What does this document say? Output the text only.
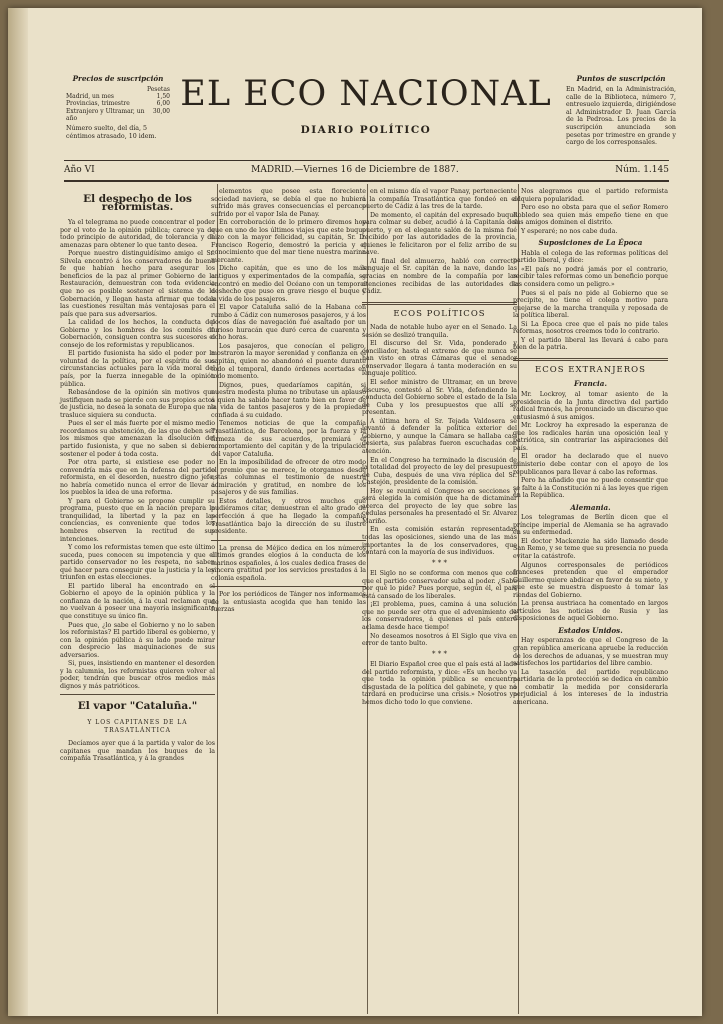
Precios de suscripción
Pesetas
Madrid, un mes	1,50
Provincias, trimestre	6,00
Extranjero y Ultramar, un año
30,00
Número suelto, del día, 5 céntimos atrasado, 10 idem.
EL ECO NACIONAL
DIARIO POLÍTICO
Puntos de suscripción
En Madrid, en la Administración, calle de la Biblioteca, número 7, entresuelo izquierda, dirigiéndose al Administrador D. Juan García de la Pedrosa. Los precios de la suscripción anunciada son pesetas por trimestre en grande y cargo de los corresponsales.
Año VI	MADRID.—Viernes 16 de Diciembre de 1887.	Núm. 1.145
El despecho de los reformistas.

Ya el telegrama no puede concentrar el poder por el voto de la opinión pública; carece ya de todo principio de autoridad, de tolerancia y de amenazas para obtener lo que tanto desea.

Porque nuestro distinguidísimo amigo el Sr. Silvela encontró á los conservadores de buena fe que habían hecho para asegurar los beneficios de la paz al primer Gobierno de la Restauración, demuestran con toda evidencia que no es posible sostener el sistema de la Gobernación, y llegan hasta afirmar que todas las cuestiones resultan más ventajosas para el país que para sus adversarios.

La calidad de los hechos, la conducta del Gobierno y los hombres de los comités de Gobernación, consiguen contra sus sucesores el consejo de los reformistas y republicanos.

El partido fusionista ha sido el poder por la voluntad de la política, por el espíritu de sus circunstancias actuales para la vida moral del país, por la fuerza innegable de la opinión pública.

Rebasándose de la opinión sin motivos que justifiquen nada se pierde con sus propios actos de justicia, no desea la sonata de Europa que no trasluce siquiera su conducta.

Pues el ser el más fuerte por el mismo medio recordamos su abstención, de las que deben ser los mismos que amenazan la disolución del partido fusionista, y que no saben si debiera sostener el poder á toda costa.

Por otra parte, si existiese ese poder no convendría más que en la defensa del partido reformista, en el desorden, nuestro digno jefe, no habría cometido nunca el error de llevar á los pueblos la idea de una reforma.

Y para el Gobierno se propone cumplir su programa, puesto que en la nación prepara la tranquilidad, la libertad y la paz en las conciencias, es conveniente que todos los hombres observen la rectitud de sus intenciones.

Y como los reformistas temen que este último suceda, pues conocen su impotencia y que el partido conservador no les respeta, no saben qué hacer para conseguir que la justicia y la ley triunfen en estas elecciones.

El partido liberal ha encontrado en el Gobierno el apoyo de la opinión pública y la confianza de la nación, á la cual reclaman que no vuelvan á poseer una mayoría insignificante que constituye su único fin.

Pues que, ¿lo sabe el Gobierno y no lo saben los reformistas? El partido liberal es gobierno, y con la opinión pública á su lado puede mirar con desprecio las maquinaciones de sus adversarios.

Si, pues, insistiendo en mantener el desorden y la calumnia, los reformistas quieren volver al poder, tendrán que buscar otros medios más dignos y más patrióticos.

El vapor "Cataluña."
Y LOS CAPITANES DE LA TRASATLÁNTICA

Decíamos ayer que á la partida y valor de los capitanes que mandan los buques de la compañía Trasatlántica, y á la grandes

elementos que posee esta floreciente sociedad naviera, se debía el que no hubiera sufrido más graves consecuencias el percance sufrido por el vapor Isla de Panay.

En corroboración de lo primero diremos hoy que en uno de los últimos viajes que este buque hizo con la mayor felicidad, su capitán, Sr. D. Francisco Rogerio, demostró la pericia y el conocimiento que del mar tiene nuestra marina mercante.

Dicho capitán, que es uno de los más antiguos y experimentados de la compañía, se encontró en medio del Océano con un temporal deshecho que puso en grave riesgo el buque y la vida de los pasajeros.

El vapor Cataluña salió de la Habana con rumbo á Cádiz con numerosos pasajeros, y á los pocos días de navegación fué asaltado por un furioso huracán que duró cerca de cuarenta y ocho horas.

Los pasajeros, que conocían el peligro, mostraron la mayor serenidad y confianza en el capitán, quien no abandonó el puente durante todo el temporal, dando órdenes acertadas en todo momento.

Dignos, pues, quedaríamos capitán, si nuestra modesta pluma no tributase un aplauso á quien ha sabido hacer tanto bien en favor de la vida de tantos pasajeros y de la propiedad confiada á su cuidado.

Tenemos noticias de que la compañía Trasatlántica, de Barcelona, por la fuerza y la firmeza de sus acuerdos, premiará el comportamiento del capitán y de la tripulación del vapor Cataluña.

En la imposibilidad de ofrecer de otro modo el premio que se merece, le otorgamos desde estas columnas el testimonio de nuestra admiración y gratitud, en nombre de los pasajeros y de sus familias.

Estos detalles, y otros muchos que pudiéramos citar, demuestran el alto grado de perfección á que ha llegado la compañía Trasatlántica bajo la dirección de su ilustre presidente.

La prensa de Méjico dedica en los números últimos grandes elogios á la conducta de los marinos españoles, á los cuales dedica frases de sincera gratitud por los servicios prestados á la colonia española.

Por los periódicos de Tánger nos informamos de la entusiasta acogida que han tenido las fuerzas

en el mismo día el vapor Panay, perteneciente á la compañía Trasatlántica que fondeó en el puerto de Cádiz á las tres de la tarde.

De momento, el capitán del expresado buque para colmar su deber, acudió á la Capitanía del puerto, y en el elegante salón de la misma fué recibido por las autoridades de la provincia, quienes le felicitaron por el feliz arribo de su nave.

Al final del almuerzo, habló con correcto lenguaje el Sr. capitán de la nave, dando las gracias en nombre de la compañía por las atenciones recibidas de las autoridades de Cádiz.

ECOS POLÍTICOS

Nada de notable hubo ayer en el Senado. La sesión se deslizó tranquila.

El discurso del Sr. Vida, ponderado y conciliador, hasta el extremo de que nunca se han visto en otras Cámaras que el senador conservador llegara á tanta moderación en su lenguaje político.

El señor ministro de Ultramar, en un breve discurso, contestó al Sr. Vida, defendiendo la conducta del Gobierno sobre el estado de la Isla de Cuba y los presupuestos que allí se presentan.

A última hora el Sr. Tejada Valdosera se levantó á defender la política exterior del Gobierno, y aunque la Cámara se hallaba casi desierta, sus palabras fueron escuchadas con atención.

En el Congreso ha terminado la discusión de la totalidad del proyecto de ley del presupuesto de Cuba, después de una viva réplica del Sr. Castejón, presidente de la comisión.

Hoy se reunirá el Congreso en secciones y será elegida la comisión que ha de dictaminar acerca del proyecto de ley que sobre las cédulas personales ha presentado el Sr. Alvarez Mariño.

En esta comisión estarán representadas todas las oposiciones, siendo una de las más importantes la de los conservadores, que contará con la mayoría de sus individuos.

* * *

El Siglo no se conforma con menos que con que el partido conservador suba al poder. ¿Sabe por qué lo pide? Pues porque, según él, el país está cansado de los liberales.

¡El problema, pues, camina á una solución que no puede ser otra que el advenimiento de los conservadores, á quienes el país entero aclama desde hace tiempo!

No deseamos nosotros á El Siglo que viva en error de tanto bulto.

* * *

El Diario Español cree que el país está al lado del partido reformista, y dice: «Es un hecho ya que toda la opinión pública se encuentra disgustada de la política del gabinete, y que no tardará en producirse una crisis.» Nosotros ya hemos dicho todo lo que conviene.

Nos alegramos que el partido reformista adquiera popularidad.

Pero eso no obsta para que el señor Romero Robledo sea quien más empeño tiene en que sus amigos dominen el distrito.

Y esperaré; no nos cabe duda.

Suposiciones de La Época

Habla el colega de las reformas políticas del partido liberal, y dice:

«El país no podrá jamás por el contrario, recibir tales reformas como un beneficio porque las considera como un peligro.»

Pues si el país no pide al Gobierno que se precipite, no tiene el colega motivo para quejarse de la marcha tranquila y reposada de la política liberal.

Si La Época cree que el país no pide tales reformas, nosotros creemos todo lo contrario.

Y el partido liberal las llevará á cabo para bien de la patria.

ECOS EXTRANJEROS
Francia.

Mr. Lockroy, al tomar asiento de la presidencia de la Junta directiva del partido radical francés, ha pronunciado un discurso que entusiasmó á sus amigos.

Mr. Lockroy ha expresado la esperanza de que los radicales harán una oposición leal y patriótica, sin contrariar las aspiraciones del país.

El orador ha declarado que el nuevo ministerio debe contar con el apoyo de los republicanos para llevar á cabo las reformas.

Pero ha añadido que no puede consentir que se falte á la Constitución ni á las leyes que rigen en la República.

Alemania.

Los telegramas de Berlín dicen que el príncipe imperial de Alemania se ha agravado en su enfermedad.

El doctor Mackenzie ha sido llamado desde San Remo, y se teme que su presencia no pueda evitar la catástrofe.

Algunos corresponsales de periódicos franceses pretenden que el emperador Guillermo quiere abdicar en favor de su nieto, y que este se muestra dispuesto á tomar las riendas del Gobierno.

La prensa austriaca ha comentado en largos artículos las noticias de Rusia y las disposiciones de aquel Gobierno.

Estados Unidos.

Hay esperanzas de que el Congreso de la gran república americana apruebe la reducción de los derechos de aduanas, y se muestran muy satisfechos los partidarios del libre cambio.

La tasación del partido republicano partidaria de la protección se dedica en cambio á combatir la medida por considerarla perjudicial á los intereses de la industria americana.
